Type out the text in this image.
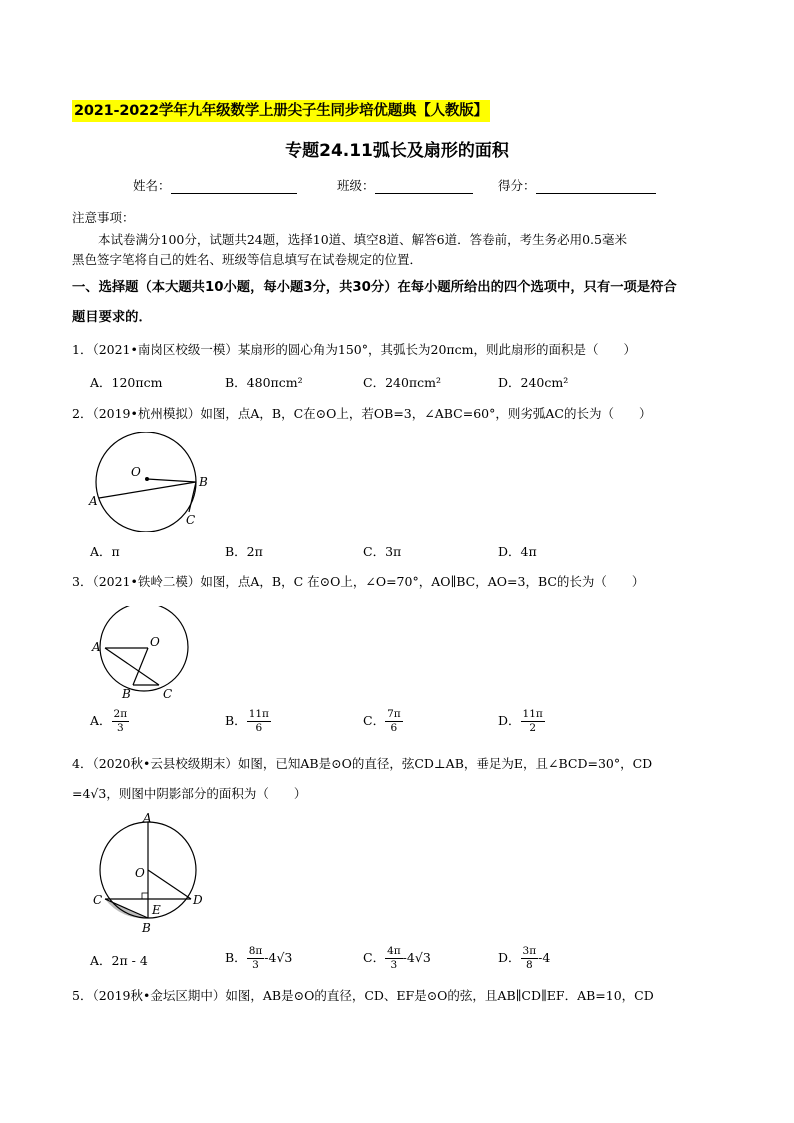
2021-2022学年九年级数学上册尖子生同步培优题典【人教版】
专题24.11弧长及扇形的面积
姓名：	班级：	得分：
注意事项：
本试卷满分100分，试题共24题，选择10道、填空8道、解答6道．答卷前，考生务必用0.5毫米
黑色签字笔将自己的姓名、班级等信息填写在试卷规定的位置．
一、选择题（本大题共10小题，每小题3分，共30分）在每小题所给出的四个选项中，只有一项是符合
题目要求的．
1．（2021•南岗区校级一模）某扇形的圆心角为150°，其弧长为20πcm，则此扇形的面积是（　　）
A．120πcm	B．480πcm²	C．240πcm²	D．240cm²
2．（2019•杭州模拟）如图，点A，B，C在⊙O上，若OB=3，∠ABC=60°，则劣弧AC的长为（　　）
O
A
B
C
A．π	B．2π	C．3π	D．4π
3．（2021•铁岭二模）如图，点A，B，C 在⊙O上，∠O=70°，AO∥BC，AO=3，BC的长为（　　）
O
A
B	C
A． $\frac{2\pi}{3}$	B． $\frac{11\pi}{6}$	C． $\frac{7\pi}{6}$	D． $\frac{11\pi}{2}$
4．（2020秋•云县校级期末）如图，已知AB是⊙O的直径，弦CD⊥AB，垂足为E，且∠BCD=30°，CD
=4√3，则图中阴影部分的面积为（　　）
A
O
C	D
E
B
A．2π - 4	B． $\frac{8\pi}{3} -4√3$	C． $\frac{4\pi}{3} -4√3$	D． $\frac{3\pi}{8} -4$
5．（2019秋•金坛区期中）如图，AB是⊙O的直径，CD、EF是⊙O的弦，且AB∥CD∥EF．AB=10，CD
